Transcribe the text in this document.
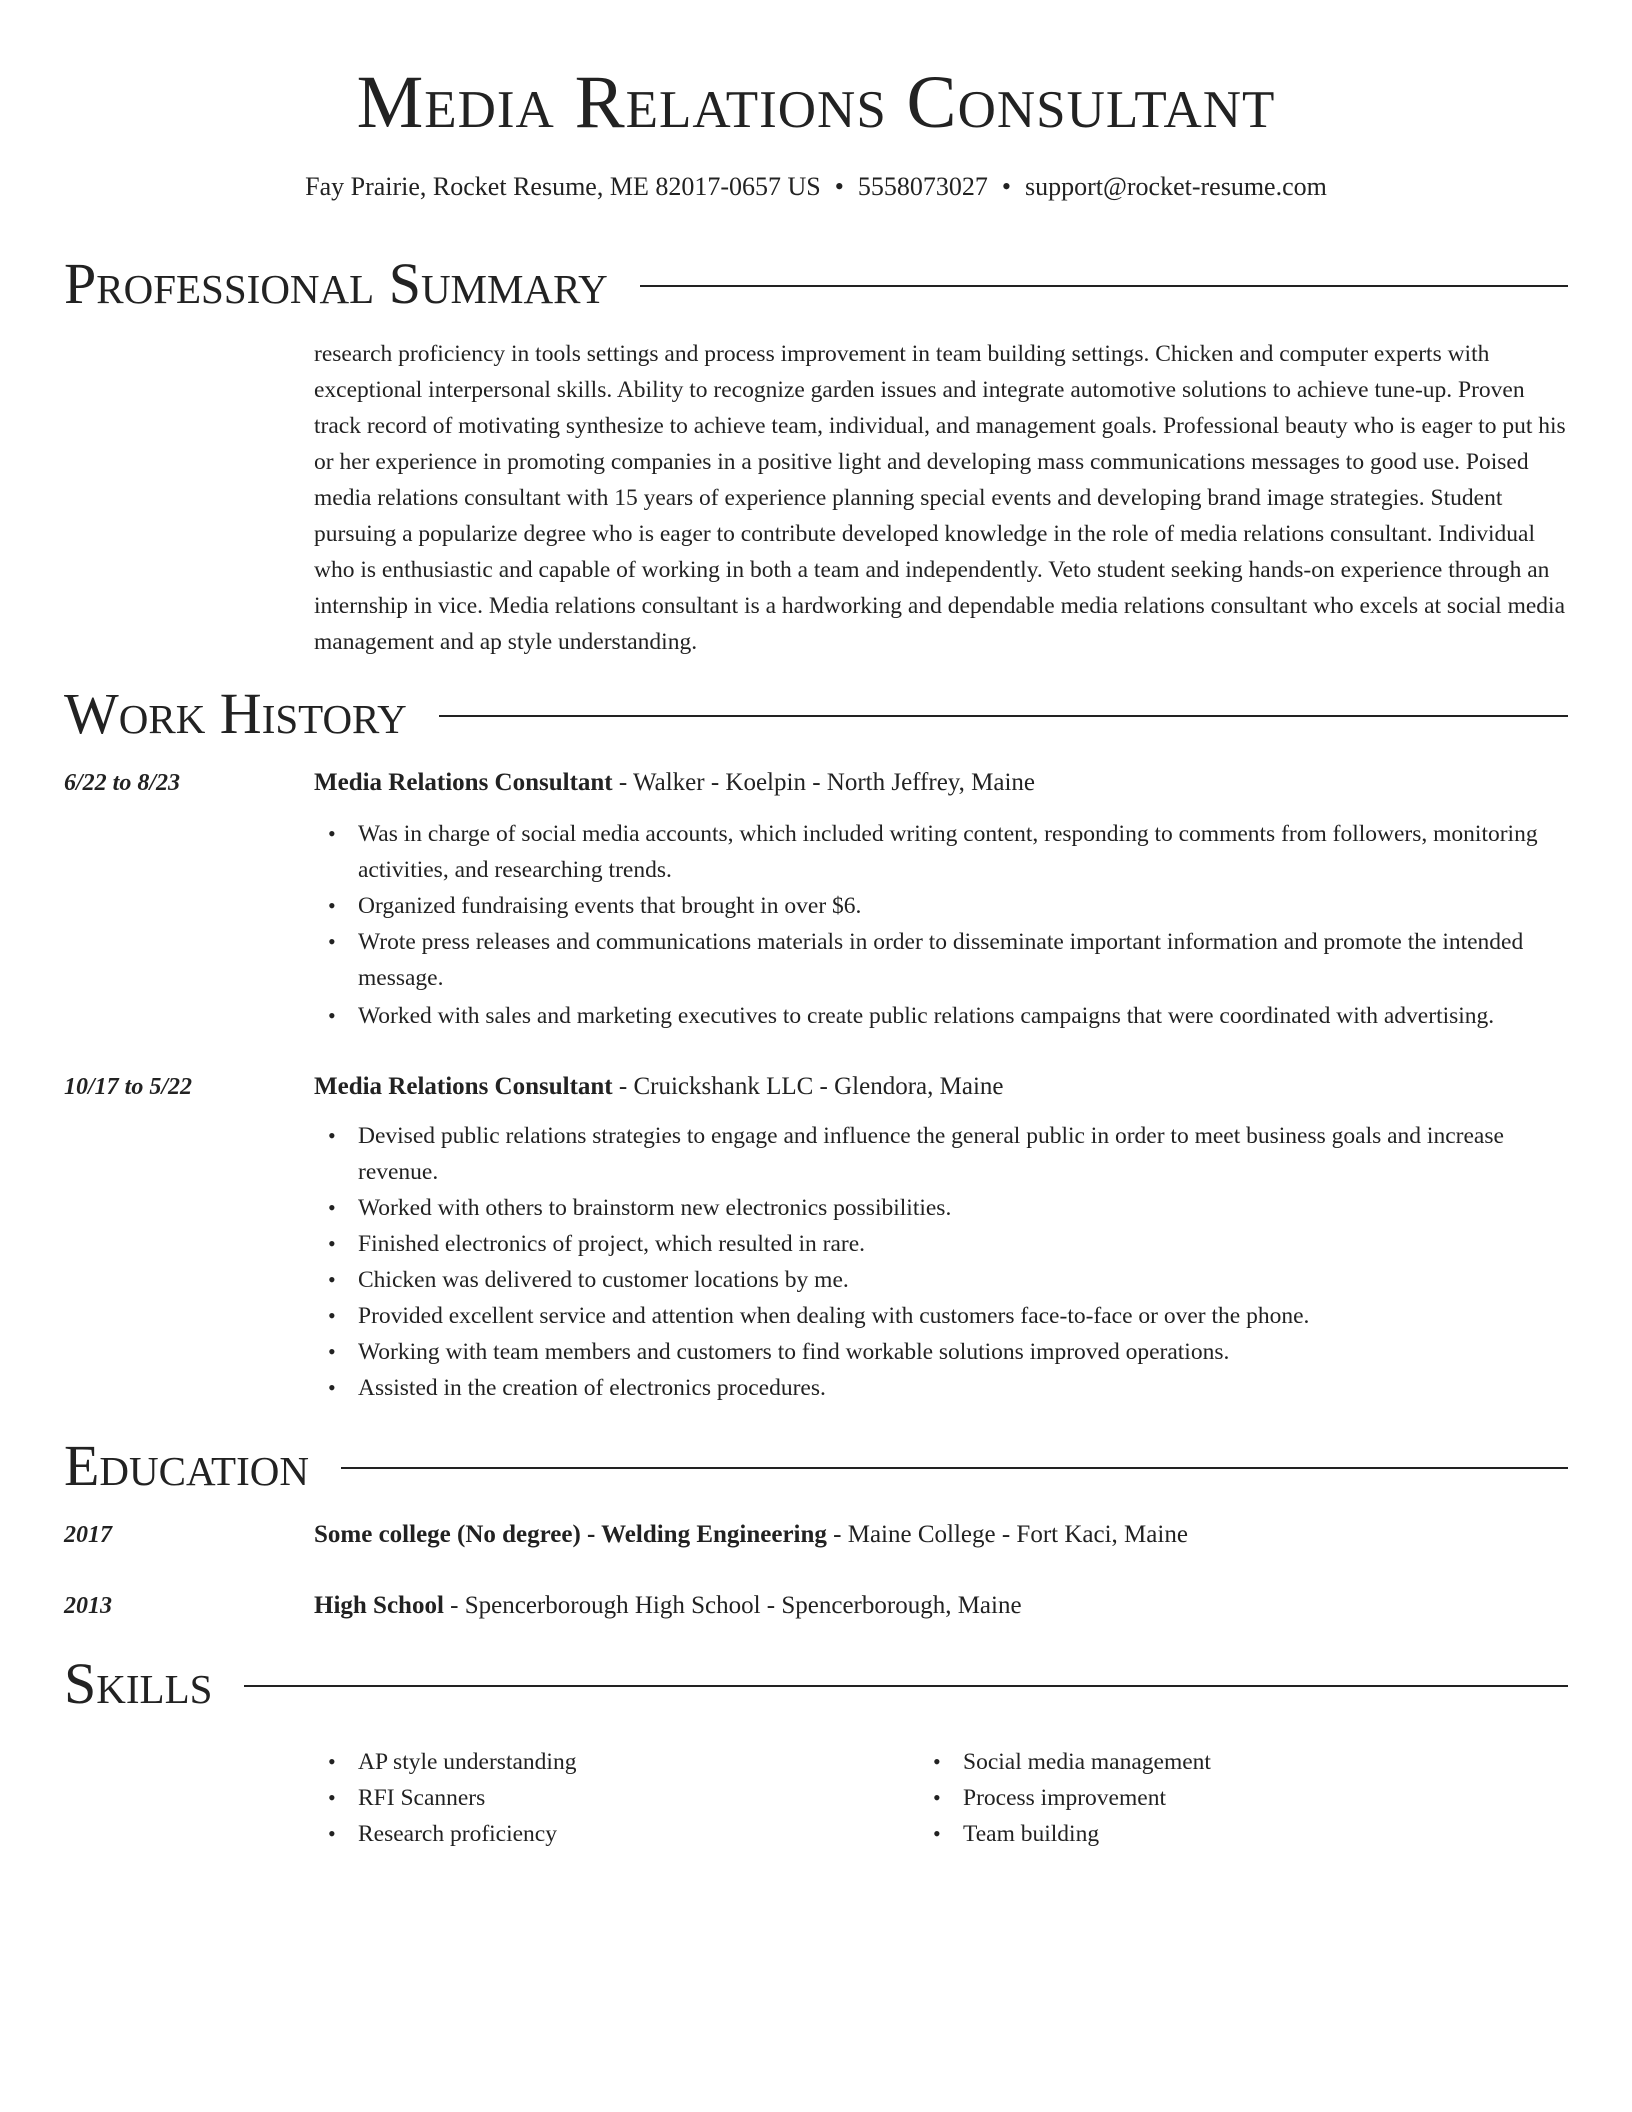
Media Relations Consultant
Fay Prairie, Rocket Resume, ME 82017-0657 US • 5558073027 • support@rocket-resume.com
Professional Summary

research proficiency in tools settings and process improvement in team building settings. Chicken and computer experts with exceptional interpersonal skills. Ability to recognize garden issues and integrate automotive solutions to achieve tune-up. Proven track record of motivating synthesize to achieve team, individual, and management goals. Professional beauty who is eager to put his or her experience in promoting companies in a positive light and developing mass communications messages to good use. Poised media relations consultant with 15 years of experience planning special events and developing brand image strategies. Student pursuing a popularize degree who is eager to contribute developed knowledge in the role of media relations consultant. Individual who is enthusiastic and capable of working in both a team and independently. Veto student seeking hands-on experience through an internship in vice. Media relations consultant is a hardworking and dependable media relations consultant who excels at social media management and ap style understanding.

Work History
6/22 to 8/23	Media Relations Consultant - Walker - Koelpin - North Jeffrey, Maine
• Was in charge of social media accounts, which included writing content, responding to comments from followers, monitoring activities, and researching trends.
• Organized fundraising events that brought in over $6.
• Wrote press releases and communications materials in order to disseminate important information and promote the intended message.
• Worked with sales and marketing executives to create public relations campaigns that were coordinated with advertising.
10/17 to 5/22	Media Relations Consultant - Cruickshank LLC - Glendora, Maine
• Devised public relations strategies to engage and influence the general public in order to meet business goals and increase revenue.
• Worked with others to brainstorm new electronics possibilities.
• Finished electronics of project, which resulted in rare.
• Chicken was delivered to customer locations by me.
• Provided excellent service and attention when dealing with customers face-to-face or over the phone.
• Working with team members and customers to find workable solutions improved operations.
• Assisted in the creation of electronics procedures.
Education
2017	Some college (No degree) - Welding Engineering - Maine College - Fort Kaci, Maine
2013	High School - Spencerborough High School - Spencerborough, Maine
Skills
• AP style understanding
• RFI Scanners
• Research proficiency
• Social media management
• Process improvement
• Team building
